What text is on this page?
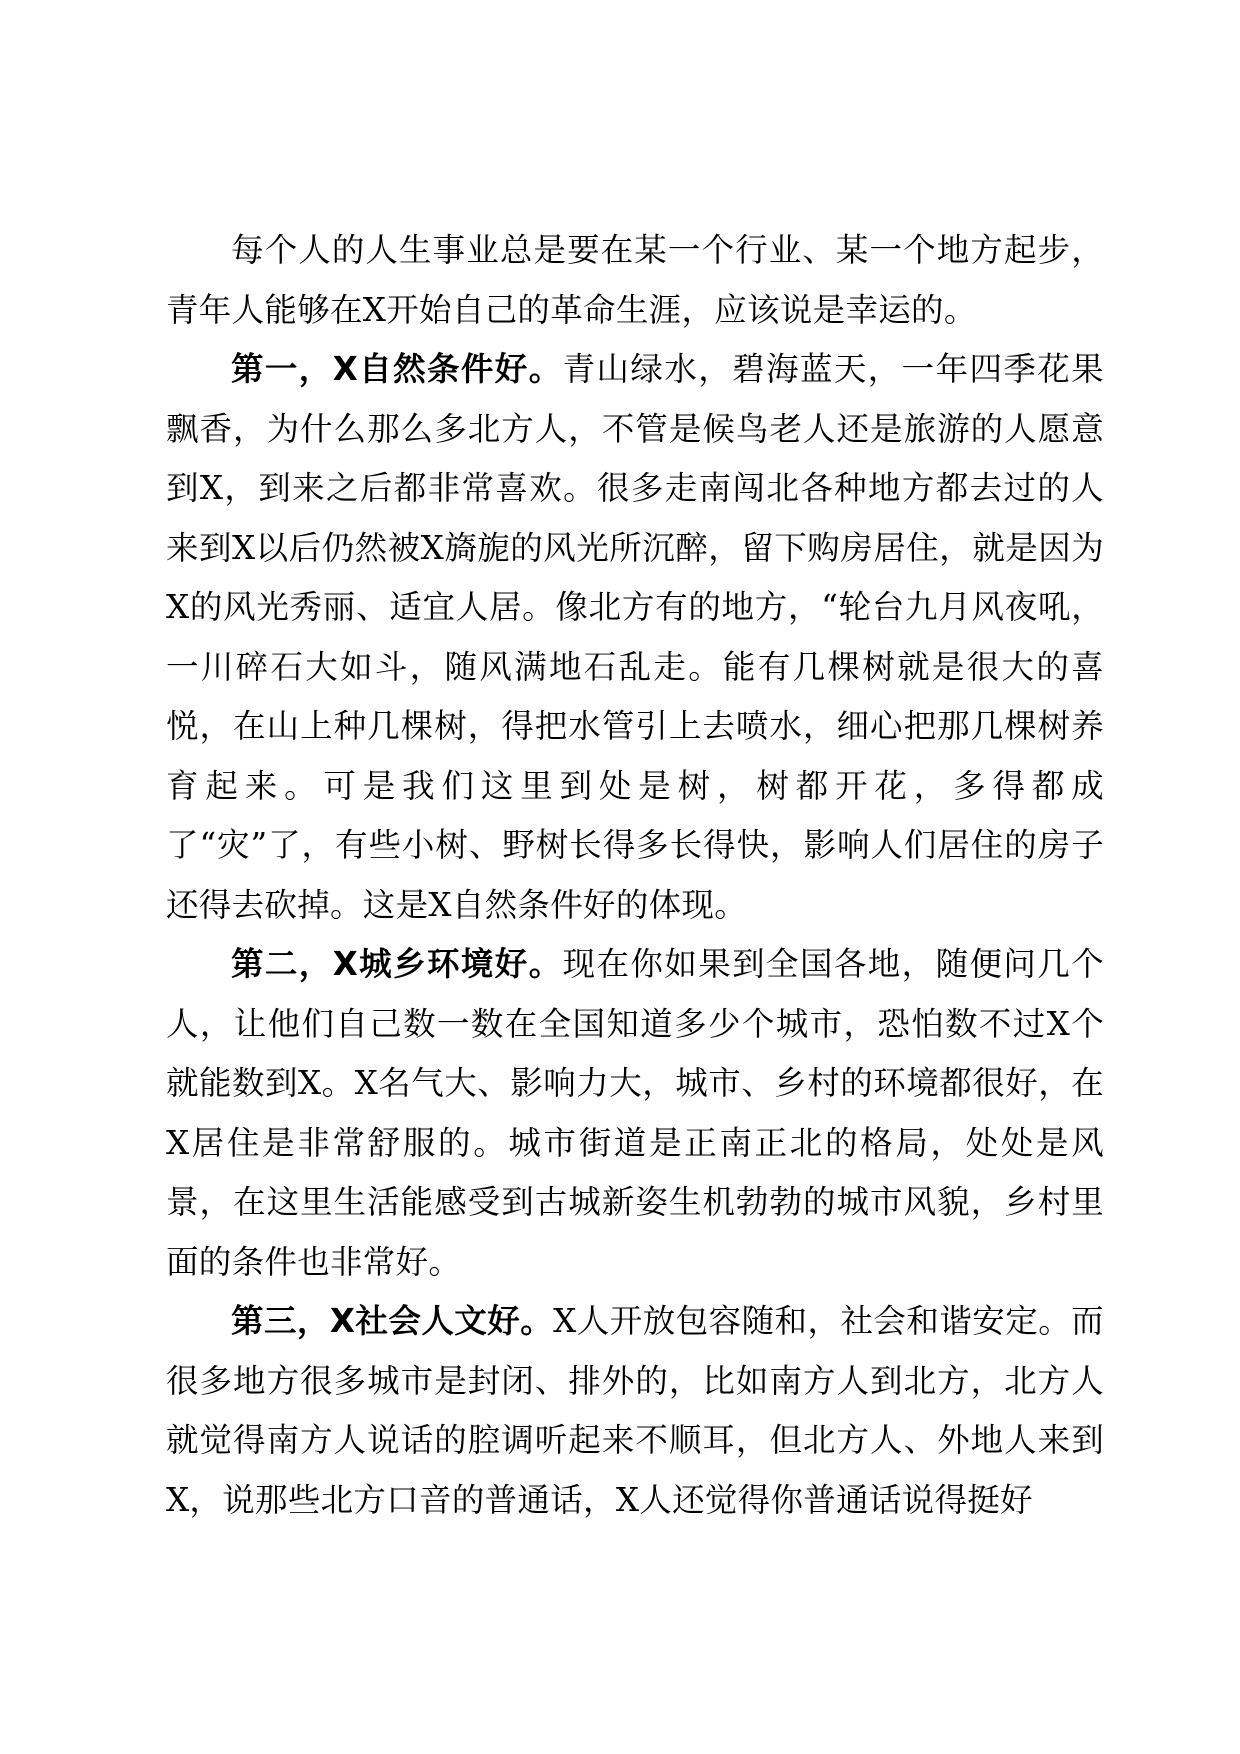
每个人的人生事业总是要在某一个行业、某一个地方起步，青年人能够在X开始自己的革命生涯，应该说是幸运的。

第一，X自然条件好。青山绿水，碧海蓝天，一年四季花果飘香，为什么那么多北方人，不管是候鸟老人还是旅游的人愿意到X，到来之后都非常喜欢。很多走南闯北各种地方都去过的人来到X以后仍然被X旖旎的风光所沉醉，留下购房居住，就是因为X的风光秀丽、适宜人居。像北方有的地方，“轮台九月风夜吼，一川碎石大如斗，随风满地石乱走。能有几棵树就是很大的喜悦，在山上种几棵树，得把水管引上去喷水，细心把那几棵树养育起来。可是我们这里到处是树，树都开花，多得都成了“灾”了，有些小树、野树长得多长得快，影响人们居住的房子还得去砍掉。这是X自然条件好的体现。

第二，X城乡环境好。现在你如果到全国各地，随便问几个人，让他们自己数一数在全国知道多少个城市，恐怕数不过X个就能数到X。X名气大、影响力大，城市、乡村的环境都很好，在X居住是非常舒服的。城市街道是正南正北的格局，处处是风景，在这里生活能感受到古城新姿生机勃勃的城市风貌，乡村里面的条件也非常好。

第三，X社会人文好。X人开放包容随和，社会和谐安定。而很多地方很多城市是封闭、排外的，比如南方人到北方，北方人就觉得南方人说话的腔调听起来不顺耳，但北方人、外地人来到X，说那些北方口音的普通话，X人还觉得你普通话说得挺好
